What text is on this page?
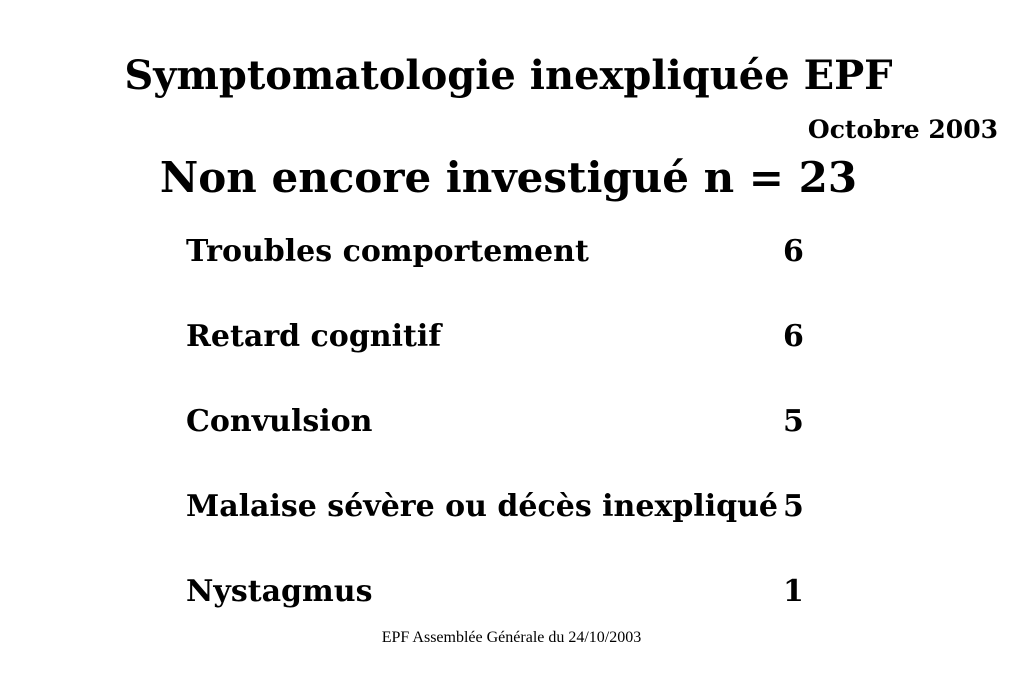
Symptomatologie inexpliquée EPF
Octobre 2003
Non encore investigué n = 23
Troubles comportement	6
Retard cognitif	6
Convulsion	5
Malaise sévère ou décès inexpliqué 5
Nystagmus	1
EPF Assemblée Générale du 24/10/2003
